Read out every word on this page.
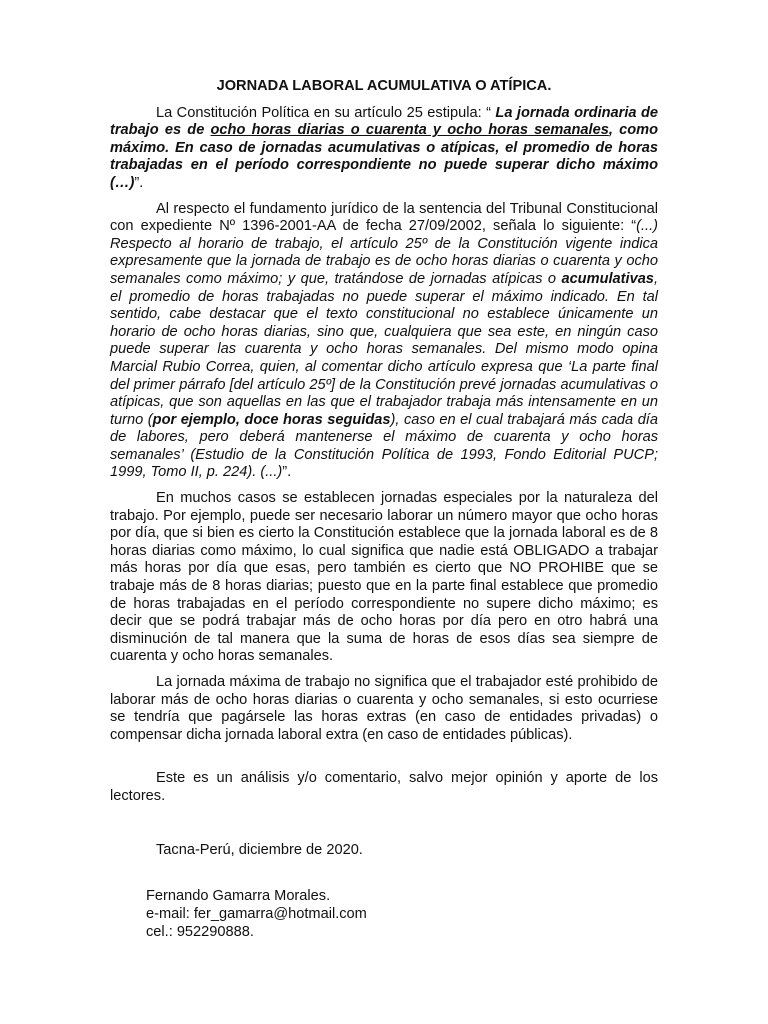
JORNADA LABORAL ACUMULATIVA O ATÍPICA.

La Constitución Política en su artículo 25 estipula: “ La jornada ordinaria de trabajo es de ocho horas diarias o cuarenta y ocho horas semanales, como máximo. En caso de jornadas acumulativas o atípicas, el promedio de horas trabajadas en el período correspondiente no puede superar dicho máximo (…)”.

Al respecto el fundamento jurídico de la sentencia del Tribunal Constitucional con expediente Nº 1396-2001-AA de fecha 27/09/2002, señala lo siguiente: “(...) Respecto al horario de trabajo, el artículo 25º de la Constitución vigente indica expresamente que la jornada de trabajo es de ocho horas diarias o cuarenta y ocho semanales como máximo; y que, tratándose de jornadas atípicas o acumulativas, el promedio de horas trabajadas no puede superar el máximo indicado. En tal sentido, cabe destacar que el texto constitucional no establece únicamente un horario de ocho horas diarias, sino que, cualquiera que sea este, en ningún caso puede superar las cuarenta y ocho horas semanales. Del mismo modo opina Marcial Rubio Correa, quien, al comentar dicho artículo expresa que ‘La parte final del primer párrafo [del artículo 25º] de la Constitución prevé jornadas acumulativas o atípicas, que son aquellas en las que el trabajador trabaja más intensamente en un turno (por ejemplo, doce horas seguidas), caso en el cual trabajará más cada día de labores, pero deberá mantenerse el máximo de cuarenta y ocho horas semanales’ (Estudio de la Constitución Política de 1993, Fondo Editorial PUCP; 1999, Tomo II, p. 224). (...)”.

En muchos casos se establecen jornadas especiales por la naturaleza del trabajo. Por ejemplo, puede ser necesario laborar un número mayor que ocho horas por día, que si bien es cierto la Constitución establece que la jornada laboral es de 8 horas diarias como máximo, lo cual significa que nadie está OBLIGADO a trabajar más horas por día que esas, pero también es cierto que NO PROHIBE que se trabaje más de 8 horas diarias; puesto que en la parte final establece que promedio de horas trabajadas en el período correspondiente no supere dicho máximo; es decir que se podrá trabajar más de ocho horas por día pero en otro habrá una disminución de tal manera que la suma de horas de esos días sea siempre de cuarenta y ocho horas semanales.

La jornada máxima de trabajo no significa que el trabajador esté prohibido de laborar más de ocho horas diarias o cuarenta y ocho semanales, si esto ocurriese se tendría que pagársele las horas extras (en caso de entidades privadas) o compensar dicha jornada laboral extra (en caso de entidades públicas).

Este es un análisis y/o comentario, salvo mejor opinión y aporte de los lectores.

Tacna-Perú, diciembre de 2020.
Fernando Gamarra Morales.
e-mail: fer_gamarra@hotmail.com
cel.: 952290888.
